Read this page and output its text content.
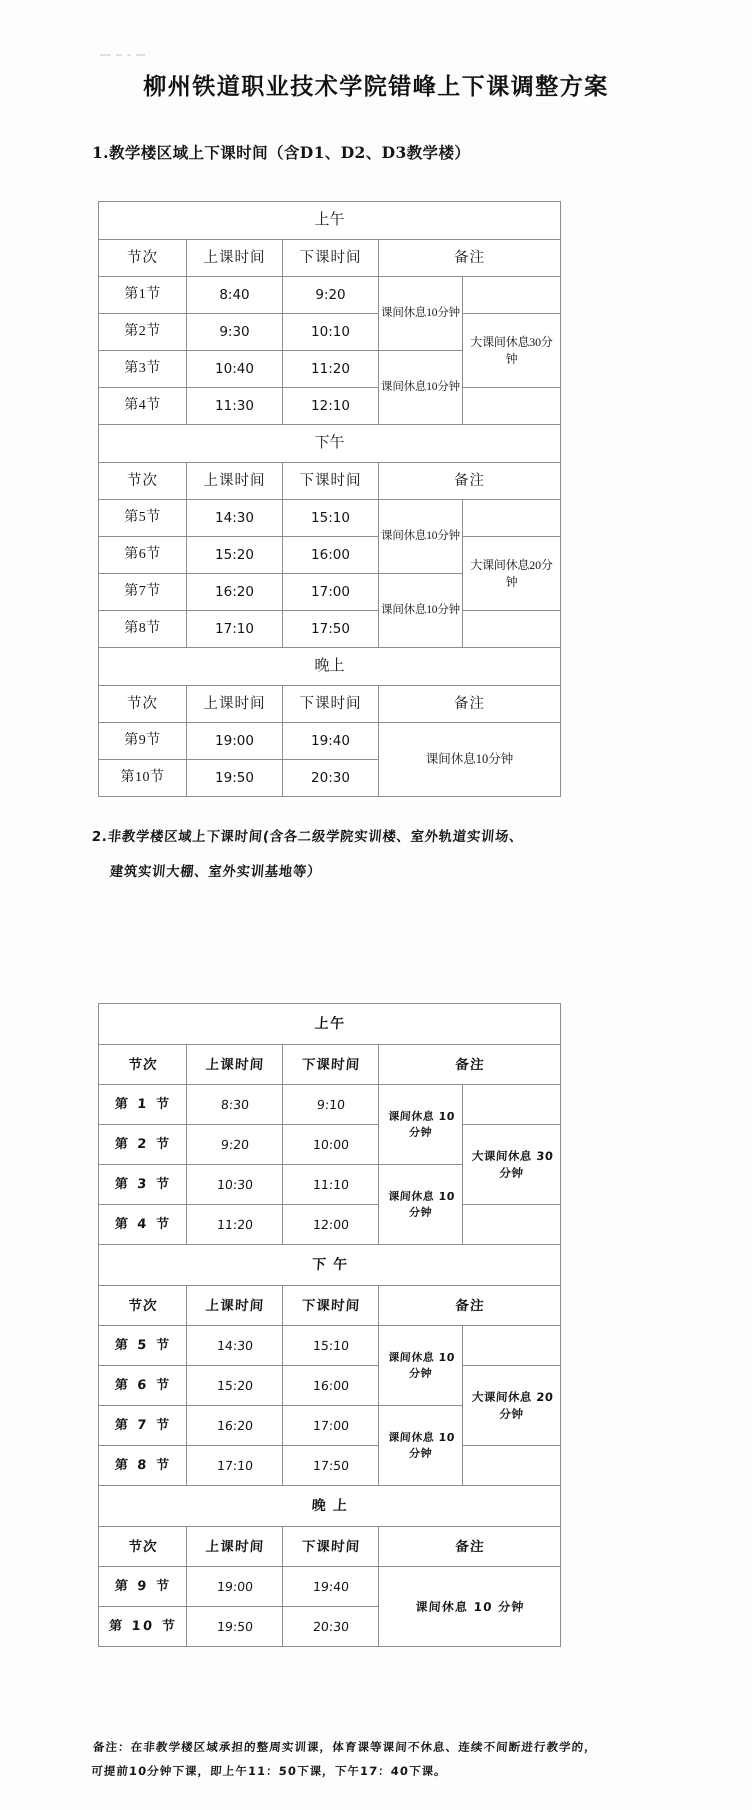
柳州铁道职业技术学院错峰上下课调整方案
1.教学楼区域上下课时间（含D1、D2、D3教学楼）
上午				
节次	上课时间	下课时间	备注	
第1节	8:40	9:20	课间休息10分钟	
第2节	9:30	10:10		大课间休息30分钟
第3节	10:40	11:20	课间休息10分钟	
第4节	11:30	12:10		
下午				
节次	上课时间	下课时间	备注	
第5节	14:30	15:10	课间休息10分钟	
第6节	15:20	16:00		大课间休息20分钟
第7节	16:20	17:00	课间休息10分钟	
第8节	17:10	17:50		
晚上				
节次	上课时间	下课时间	备注	
第9节	19:00	19:40	课间休息10分钟	
第10节	19:50	20:30		
2.非教学楼区域上下课时间(含各二级学院实训楼、室外轨道实训场、
建筑实训大棚、室外实训基地等）
上午				
节次	上课时间	下课时间	备注	
第 1 节	8:30	9:10	课间休息 10 分钟	
第 2 节	9:20	10:00		大课间休息 30 分钟
第 3 节	10:30	11:10	课间休息 10 分钟	
第 4 节	11:20	12:00		
下 午				
节次	上课时间	下课时间	备注	
第 5 节	14:30	15:10	课间休息 10 分钟	
第 6 节	15:20	16:00		大课间休息 20 分钟
第 7 节	16:20	17:00	课间休息 10 分钟	
第 8 节	17:10	17:50		
晚 上				
节次	上课时间	下课时间	备注	
第 9 节	19:00	19:40	课间休息 10 分钟	
第 10 节	19:50	20:30		
备注：在非教学楼区域承担的整周实训课，体育课等课间不休息、连续不间断进行教学的，
可提前10分钟下课，即上午11：50下课，下午17：40下课。
